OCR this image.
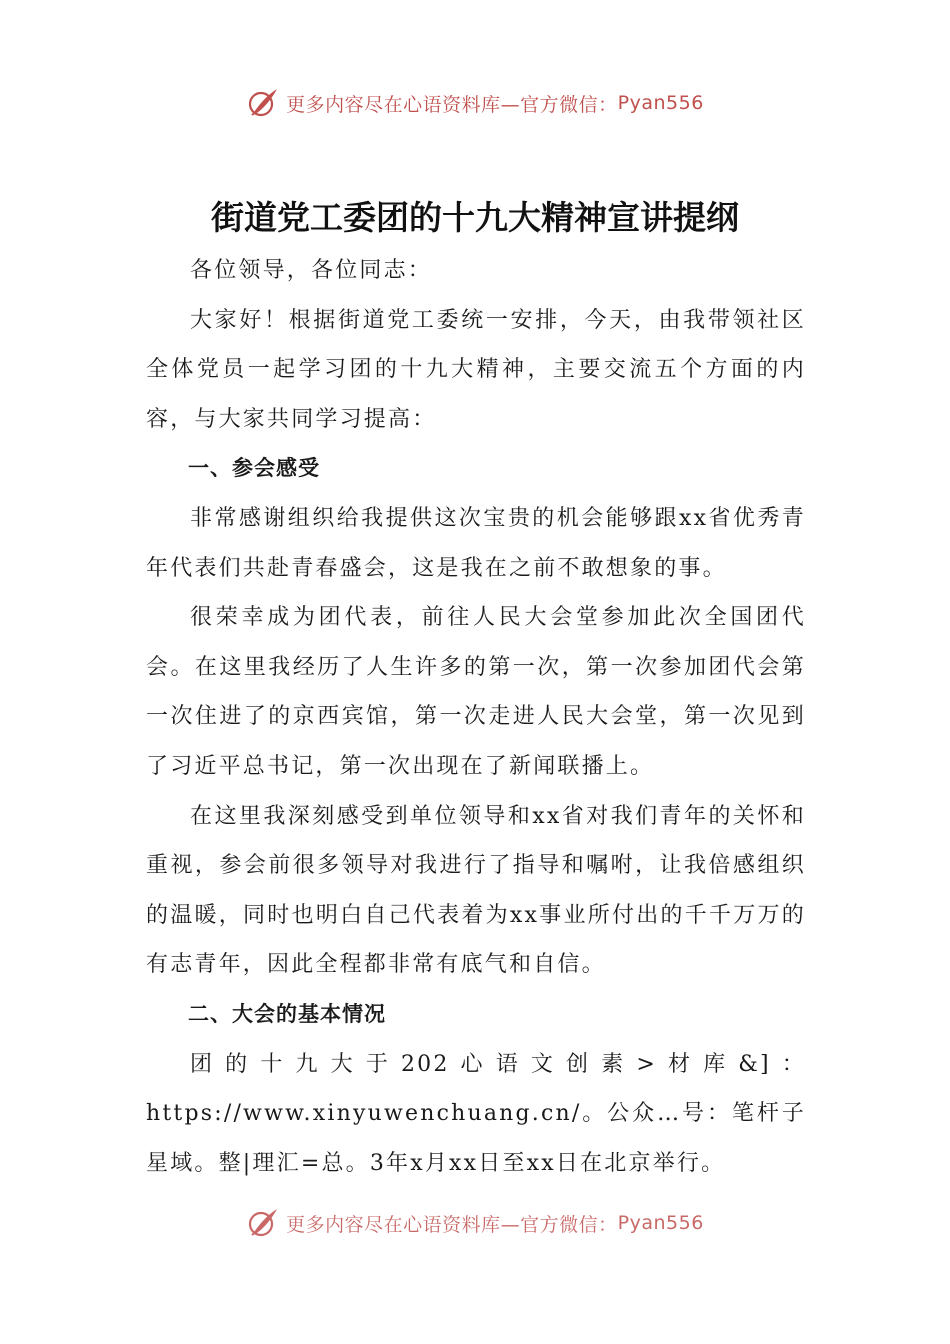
更多内容尽在心语资料库—官方微信： Pyan556
街道党工委团的十九大精神宣讲提纲

各位领导，各位同志：

大家好！根据街道党工委统一安排，今天，由我带领社区全体党员一起学习团的十九大精神，主要交流五个方面的内容，与大家共同学习提高：

一、参会感受

非常感谢组织给我提供这次宝贵的机会能够跟xx省优秀青年代表们共赴青春盛会，这是我在之前不敢想象的事。

很荣幸成为团代表，前往人民大会堂参加此次全国团代会。在这里我经历了人生许多的第一次，第一次参加团代会第一次住进了的京西宾馆，第一次走进人民大会堂，第一次见到了习近平总书记，第一次出现在了新闻联播上。

在这里我深刻感受到单位领导和xx省对我们青年的关怀和重视，参会前很多领导对我进行了指导和嘱咐，让我倍感组织的温暖，同时也明白自己代表着为xx事业所付出的千千万万的有志青年，因此全程都非常有底气和自信。

二、大会的基本情况

团的十九大于202心语文创素>材库&]：https://www.xinyuwenchuang.cn/。公众…号：笔杆子星域。整|理汇=总。3年x月xx日至xx日在北京举行。

更多内容尽在心语资料库—官方微信： Pyan556
